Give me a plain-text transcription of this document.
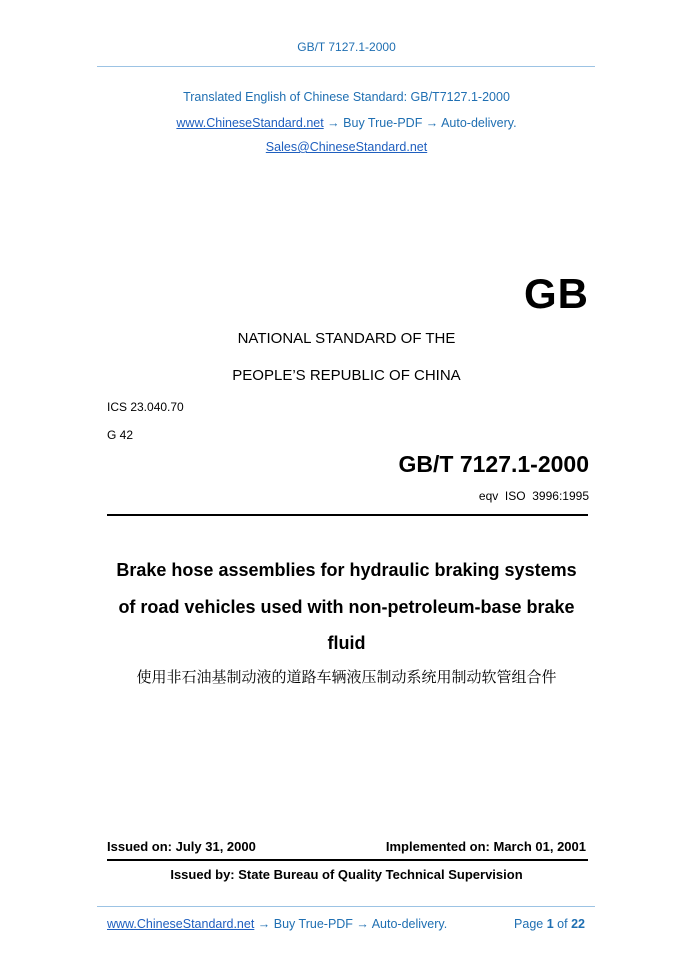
GB/T 7127.1-2000
Translated English of Chinese Standard: GB/T7127.1-2000
www.ChineseStandard.net → Buy True-PDF → Auto-delivery.
Sales@ChineseStandard.net
GB
NATIONAL STANDARD OF THE
PEOPLE’S REPUBLIC OF CHINA
ICS 23.040.70
G 42
GB/T 7127.1-2000
eqv  ISO  3996:1995
Brake hose assemblies for hydraulic braking systems
of road vehicles used with non-petroleum-base brake
fluid
使用非石油基制动液的道路车辆液压制动系统用制动软管组合件
Issued on: July 31, 2000	Implemented on: March 01, 2001
Issued by: State Bureau of Quality Technical Supervision
www.ChineseStandard.net → Buy True-PDF → Auto-delivery.	Page 1 of 22
